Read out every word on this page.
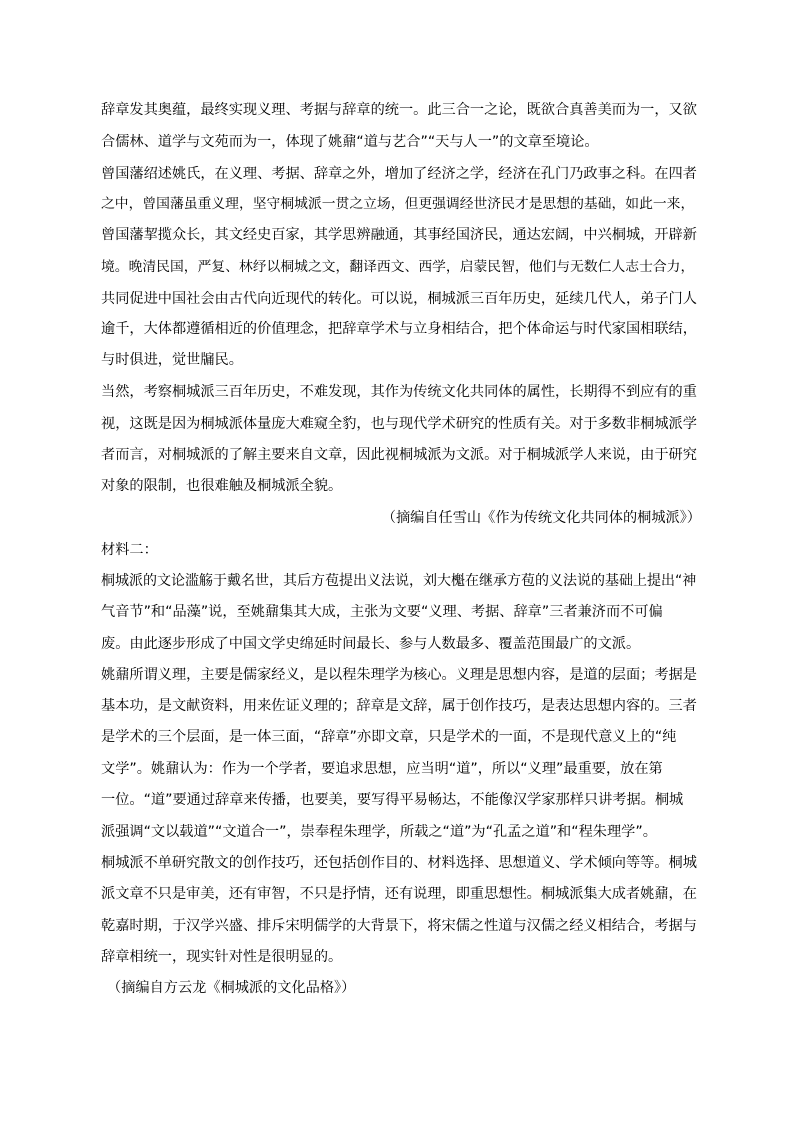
辞章发其奥蕴，最终实现义理、考据与辞章的统一。此三合一之论，既欲合真善美而为一，又欲
合儒林、道学与文苑而为一，体现了姚鼐“道与艺合”“天与人一”的文章至境论。
曾国藩绍述姚氏，在义理、考据、辞章之外，增加了经济之学，经济在孔门乃政事之科。在四者
之中，曾国藩虽重义理，坚守桐城派一贯之立场，但更强调经世济民才是思想的基础，如此一来，
曾国藩挈揽众长，其文经史百家，其学思辨融通，其事经国济民，通达宏阔，中兴桐城，开辟新
境。晚清民国，严复、林纾以桐城之文，翻译西文、西学，启蒙民智，他们与无数仁人志士合力，
共同促进中国社会由古代向近现代的转化。可以说，桐城派三百年历史，延续几代人，弟子门人
逾千，大体都遵循相近的价值理念，把辞章学术与立身相结合，把个体命运与时代家国相联结，
与时俱进，觉世牖民。
当然，考察桐城派三百年历史，不难发现，其作为传统文化共同体的属性，长期得不到应有的重
视，这既是因为桐城派体量庞大难窥全豹，也与现代学术研究的性质有关。对于多数非桐城派学
者而言，对桐城派的了解主要来自文章，因此视桐城派为文派。对于桐城派学人来说，由于研究
对象的限制，也很难触及桐城派全貌。
（摘编自任雪山《作为传统文化共同体的桐城派》）
材料二：
桐城派的文论滥觞于戴名世，其后方苞提出义法说，刘大櫆在继承方苞的义法说的基础上提出“神
气音节”和“品藻”说，至姚鼐集其大成，主张为文要“义理、考据、辞章”三者兼济而不可偏
废。由此逐步形成了中国文学史绵延时间最长、参与人数最多、覆盖范围最广的文派。
姚鼐所谓义理，主要是儒家经义，是以程朱理学为核心。义理是思想内容，是道的层面；考据是
基本功，是文献资料，用来佐证义理的；辞章是文辞，属于创作技巧，是表达思想内容的。三者
是学术的三个层面，是一体三面，“辞章”亦即文章，只是学术的一面，不是现代意义上的“纯
文学”。姚鼐认为：作为一个学者，要追求思想，应当明“道”，所以“义理”最重要，放在第
一位。“道”要通过辞章来传播，也要美，要写得平易畅达，不能像汉学家那样只讲考据。桐城
派强调“文以载道”“文道合一”，崇奉程朱理学，所载之“道”为“孔孟之道”和“程朱理学”。
桐城派不单研究散文的创作技巧，还包括创作目的、材料选择、思想道义、学术倾向等等。桐城
派文章不只是审美，还有审智，不只是抒情，还有说理，即重思想性。桐城派集大成者姚鼐，在
乾嘉时期，于汉学兴盛、排斥宋明儒学的大背景下，将宋儒之性道与汉儒之经义相结合，考据与
辞章相统一，现实针对性是很明显的。
（摘编自方云龙《桐城派的文化品格》）
